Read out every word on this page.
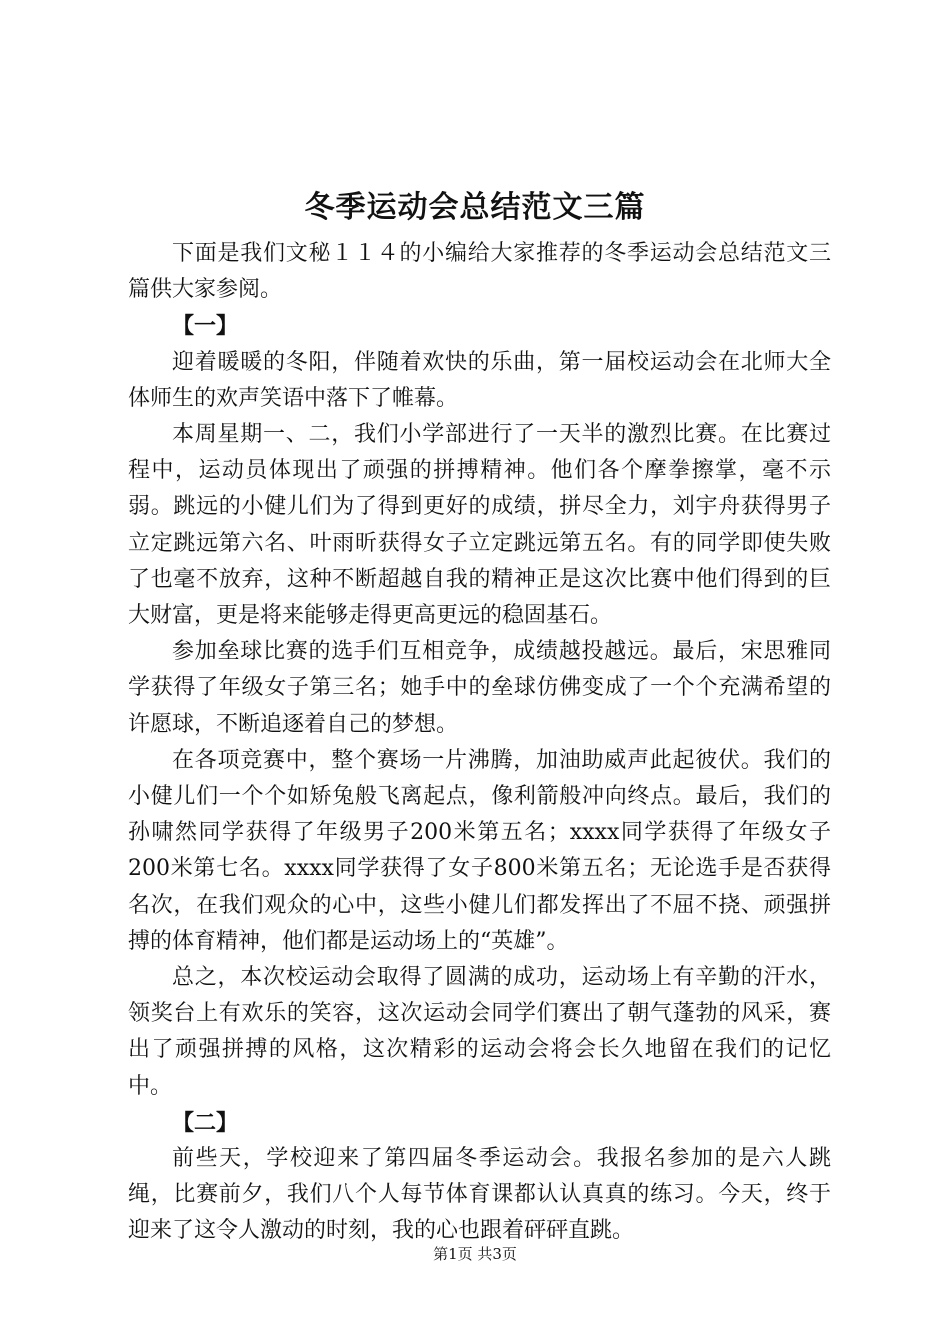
冬季运动会总结范文三篇

下面是我们文秘１１４的小编给大家推荐的冬季运动会总结范文三篇供大家参阅。

【一】

迎着暖暖的冬阳，伴随着欢快的乐曲，第一届校运动会在北师大全体师生的欢声笑语中落下了帷幕。

本周星期一、二，我们小学部进行了一天半的激烈比赛。在比赛过程中，运动员体现出了顽强的拼搏精神。他们各个摩拳擦掌，毫不示弱。跳远的小健儿们为了得到更好的成绩，拼尽全力，刘宇舟获得男子立定跳远第六名、叶雨昕获得女子立定跳远第五名。有的同学即使失败了也毫不放弃，这种不断超越自我的精神正是这次比赛中他们得到的巨大财富，更是将来能够走得更高更远的稳固基石。

参加垒球比赛的选手们互相竞争，成绩越投越远。最后，宋思雅同学获得了年级女子第三名；她手中的垒球仿佛变成了一个个充满希望的许愿球，不断追逐着自己的梦想。

在各项竞赛中，整个赛场一片沸腾，加油助威声此起彼伏。我们的小健儿们一个个如矫兔般飞离起点，像利箭般冲向终点。最后，我们的孙啸然同学获得了年级男子200米第五名；xxxx同学获得了年级女子200米第七名。xxxx同学获得了女子800米第五名；无论选手是否获得名次，在我们观众的心中，这些小健儿们都发挥出了不屈不挠、顽强拼搏的体育精神，他们都是运动场上的“英雄”。

总之，本次校运动会取得了圆满的成功，运动场上有辛勤的汗水，领奖台上有欢乐的笑容，这次运动会同学们赛出了朝气蓬勃的风采，赛出了顽强拼搏的风格，这次精彩的运动会将会长久地留在我们的记忆中。

【二】

前些天，学校迎来了第四届冬季运动会。我报名参加的是六人跳绳，比赛前夕，我们八个人每节体育课都认认真真的练习。今天，终于迎来了这令人激动的时刻，我的心也跟着砰砰直跳。

第1页 共3页
